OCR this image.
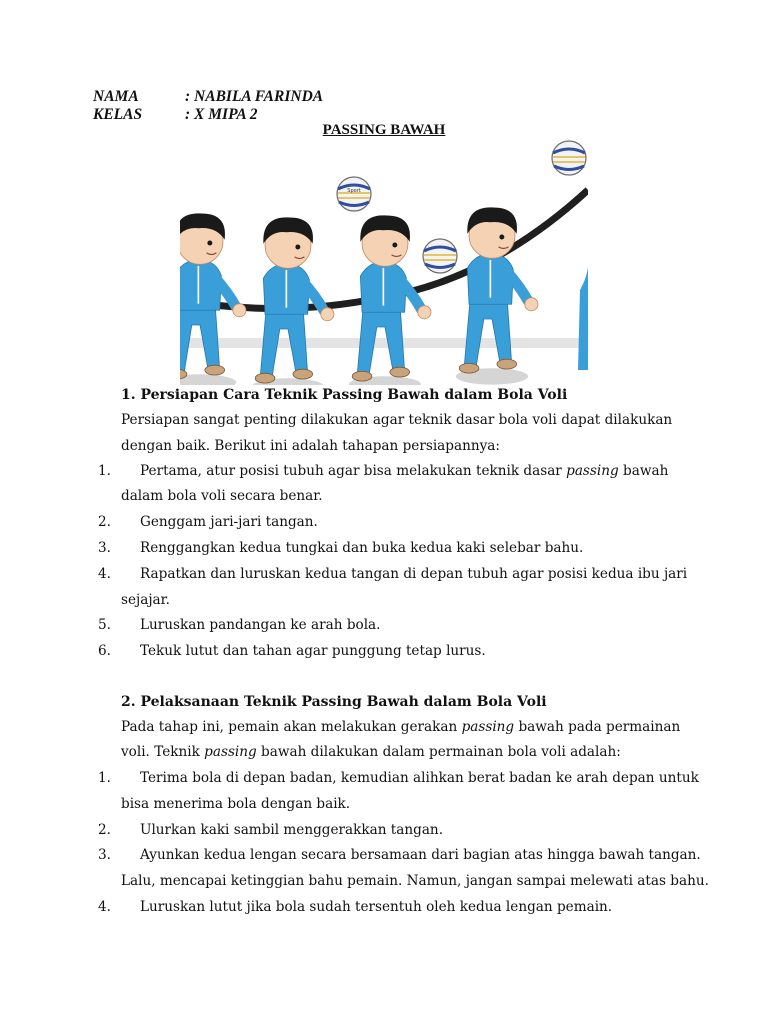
NAMA	: NABILA FARINDA
KELAS	: X MIPA 2
PASSING BAWAH
Sport
1. Persiapan Cara Teknik Passing Bawah dalam Bola Voli
Persiapan sangat penting dilakukan agar teknik dasar bola voli dapat dilakukan
dengan baik. Berikut ini adalah tahapan persiapannya:
1. Pertama, atur posisi tubuh agar bisa melakukan teknik dasar passing bawah
dalam bola voli secara benar.
2. Genggam jari-jari tangan.
3. Renggangkan kedua tungkai dan buka kedua kaki selebar bahu.
4. Rapatkan dan luruskan kedua tangan di depan tubuh agar posisi kedua ibu jari
sejajar.
5. Luruskan pandangan ke arah bola.
6. Tekuk lutut dan tahan agar punggung tetap lurus.
2. Pelaksanaan Teknik Passing Bawah dalam Bola Voli
Pada tahap ini, pemain akan melakukan gerakan passing bawah pada permainan
voli. Teknik passing bawah dilakukan dalam permainan bola voli adalah:
1. Terima bola di depan badan, kemudian alihkan berat badan ke arah depan untuk
bisa menerima bola dengan baik.
2. Ulurkan kaki sambil menggerakkan tangan.
3. Ayunkan kedua lengan secara bersamaan dari bagian atas hingga bawah tangan.
Lalu, mencapai ketinggian bahu pemain. Namun, jangan sampai melewati atas bahu.
4. Luruskan lutut jika bola sudah tersentuh oleh kedua lengan pemain.
